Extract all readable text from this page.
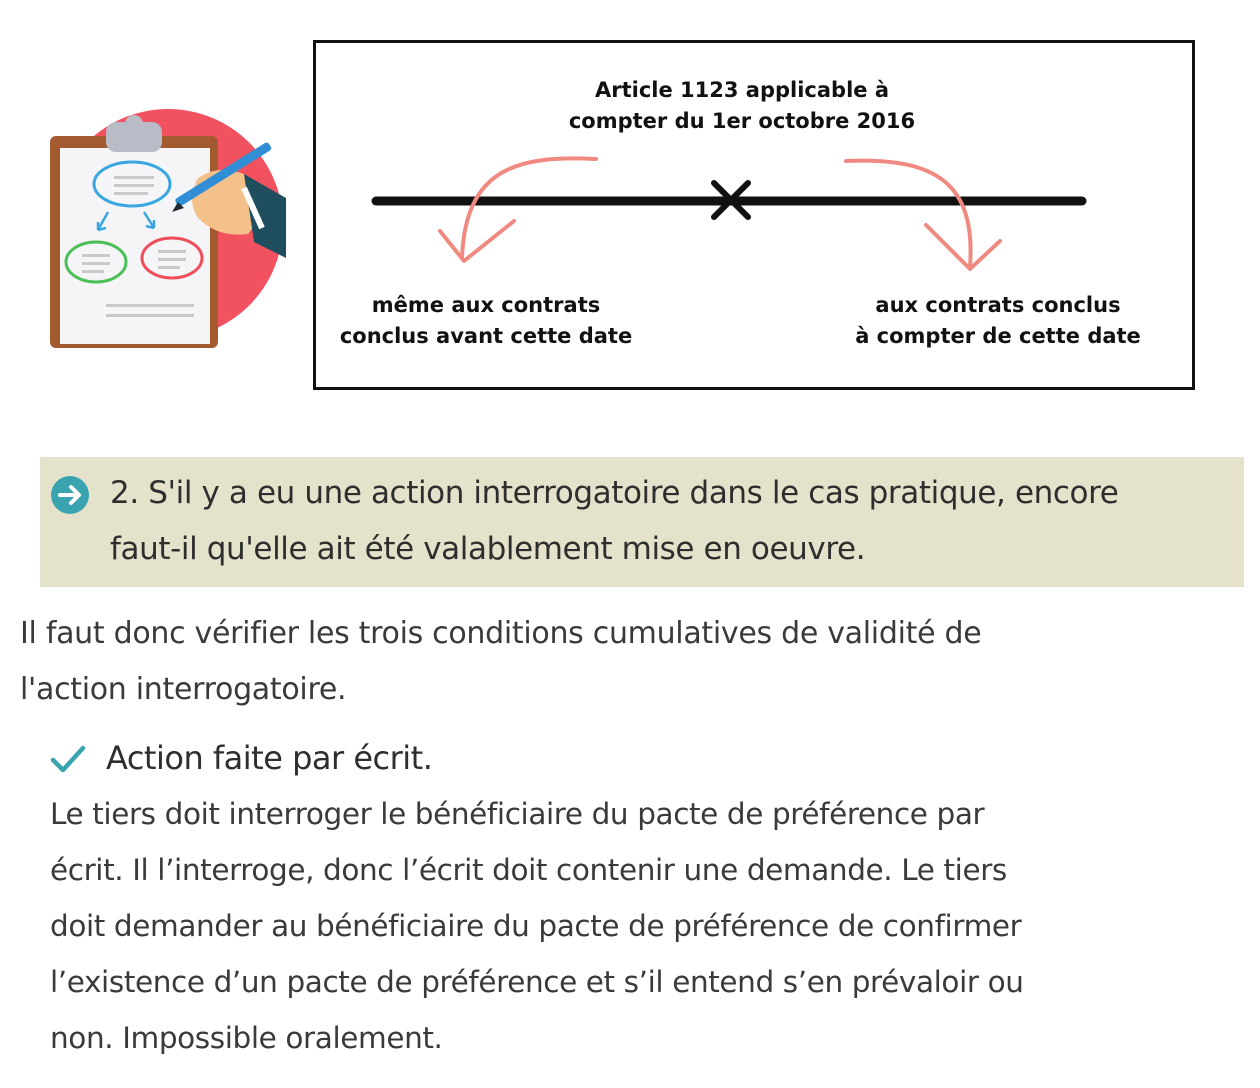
Article 1123 applicable à
compter du 1er octobre 2016
même aux contrats
conclus avant cette date
aux contrats conclus
à compter de cette date
2. S'il y a eu une action interrogatoire dans le cas pratique, encore
faut-il qu'elle ait été valablement mise en oeuvre.
Il faut donc vérifier les trois conditions cumulatives de validité de
l'action interrogatoire.
Action faite par écrit.
Le tiers doit interroger le bénéficiaire du pacte de préférence par
écrit. Il l’interroge, donc l’écrit doit contenir une demande. Le tiers
doit demander au bénéficiaire du pacte de préférence de confirmer
l’existence d’un pacte de préférence et s’il entend s’en prévaloir ou
non. Impossible oralement.
